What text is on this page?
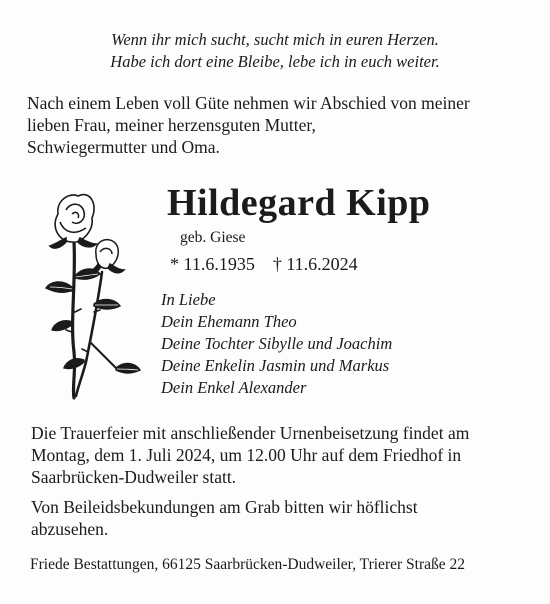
Wenn ihr mich sucht, sucht mich in euren Herzen.
Habe ich dort eine Bleibe, lebe ich in euch weiter.
Nach einem Leben voll Güte nehmen wir Abschied von meiner
lieben Frau, meiner herzensguten Mutter,
Schwiegermutter und Oma.
Hildegard Kipp
geb. Giese
* 11.6.1935 † 11.6.2024
In Liebe
Dein Ehemann Theo
Deine Tochter Sibylle und Joachim
Deine Enkelin Jasmin und Markus
Dein Enkel Alexander
Die Trauerfeier mit anschließender Urnenbeisetzung findet am
Montag, dem 1. Juli 2024, um 12.00 Uhr auf dem Friedhof in
Saarbrücken-Dudweiler statt.
Von Beileidsbekundungen am Grab bitten wir höflichst
abzusehen.
Friede Bestattungen, 66125 Saarbrücken-Dudweiler, Trierer Straße 22
